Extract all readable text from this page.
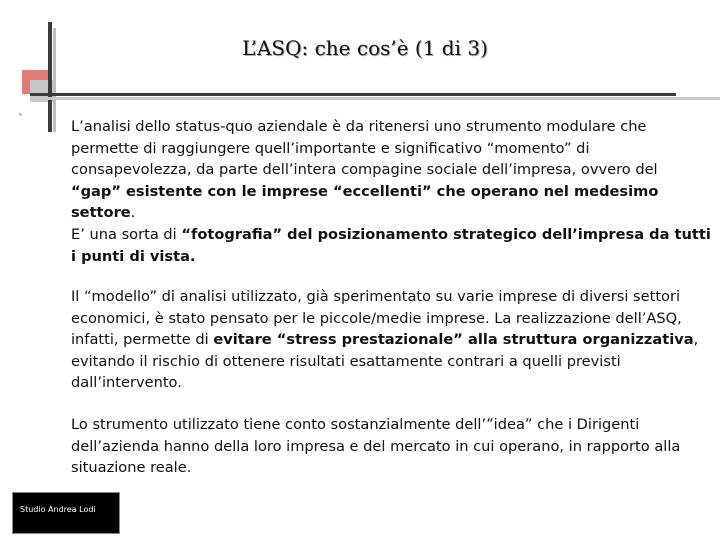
`
L’ASQ: che cos’è (1 di 3)

L’analisi dello status-quo aziendale è da ritenersi uno strumento modulare che permette di raggiungere quell’importante e significativo “momento” di consapevolezza, da parte dell’intera compagine sociale dell’impresa, ovvero del “gap” esistente con le imprese “eccellenti” che operano nel medesimo settore.
E’ una sorta di “fotografia” del posizionamento strategico dell’impresa da tutti i punti di vista.

Il “modello” di analisi utilizzato, già sperimentato su varie imprese di diversi settori economici, è stato pensato per le piccole/medie imprese. La realizzazione dell’ASQ, infatti, permette di evitare “stress prestazionale” alla struttura organizzativa, evitando il rischio di ottenere risultati esattamente contrari a quelli previsti dall’intervento.

Lo strumento utilizzato tiene conto sostanzialmente dell’”idea” che i Dirigenti dell’azienda hanno della loro impresa e del mercato in cui operano, in rapporto alla situazione reale.

Studio Andrea Lodi
